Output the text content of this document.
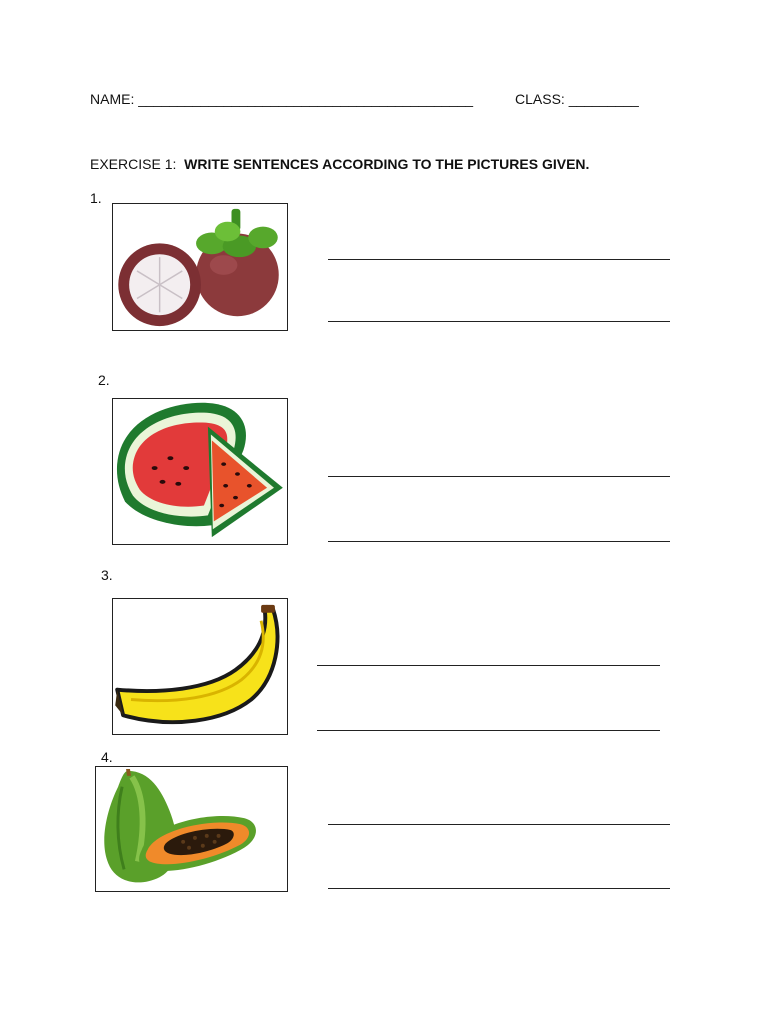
NAME: ___________________________________________	CLASS: _________
EXERCISE 1: WRITE SENTENCES ACCORDING TO THE PICTURES GIVEN.
1.
2.
3.
4.
